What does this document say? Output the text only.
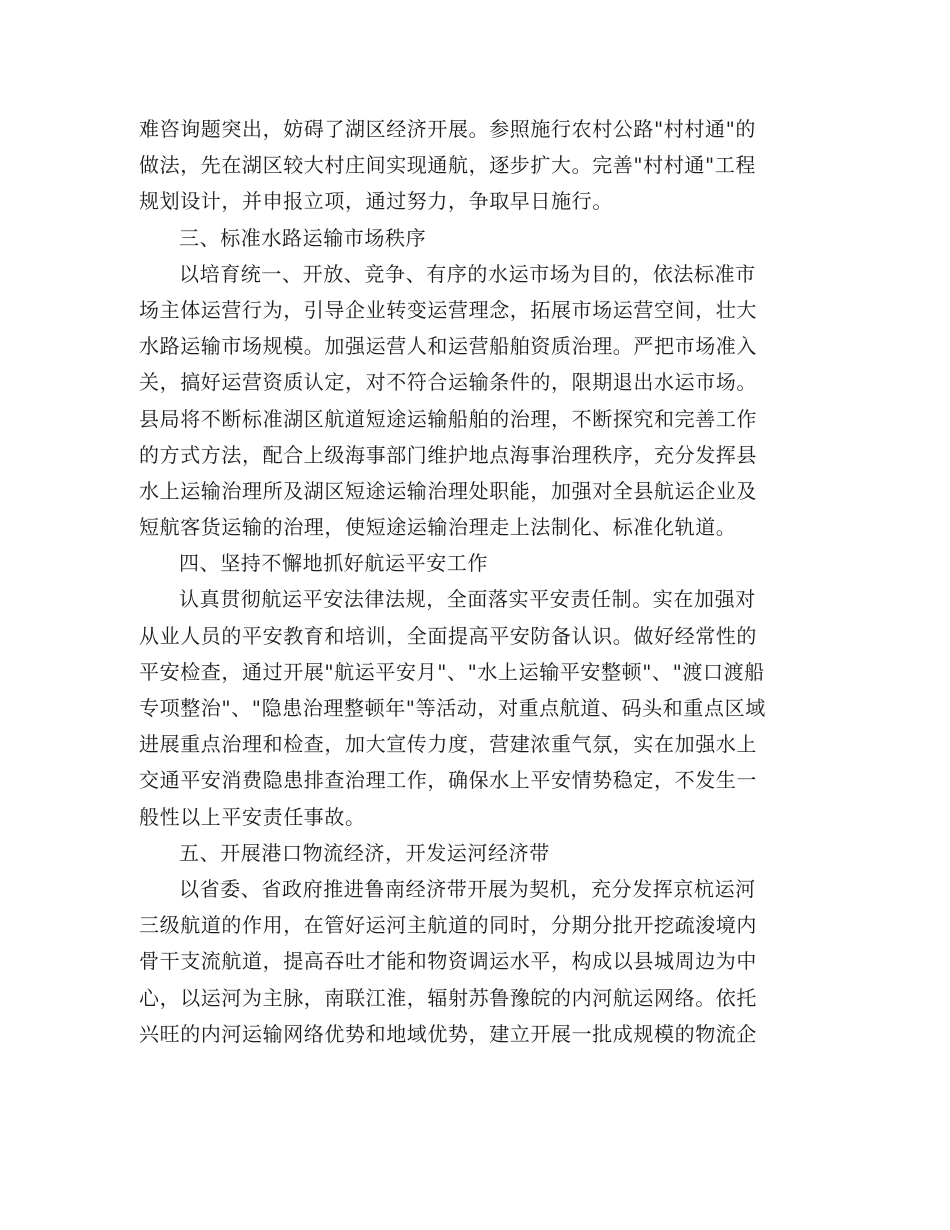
难咨询题突出，妨碍了湖区经济开展。参照施行农村公路"村村通"的
做法，先在湖区较大村庄间实现通航，逐步扩大。完善"村村通"工程
规划设计，并申报立项，通过努力，争取早日施行。
三、标准水路运输市场秩序
以培育统一、开放、竞争、有序的水运市场为目的，依法标准市
场主体运营行为，引导企业转变运营理念，拓展市场运营空间，壮大
水路运输市场规模。加强运营人和运营船舶资质治理。严把市场准入
关，搞好运营资质认定，对不符合运输条件的，限期退出水运市场。
县局将不断标准湖区航道短途运输船舶的治理，不断探究和完善工作
的方式方法，配合上级海事部门维护地点海事治理秩序，充分发挥县
水上运输治理所及湖区短途运输治理处职能，加强对全县航运企业及
短航客货运输的治理，使短途运输治理走上法制化、标准化轨道。
四、坚持不懈地抓好航运平安工作
认真贯彻航运平安法律法规，全面落实平安责任制。实在加强对
从业人员的平安教育和培训，全面提高平安防备认识。做好经常性的
平安检查，通过开展"航运平安月"、"水上运输平安整顿"、"渡口渡船
专项整治"、"隐患治理整顿年"等活动，对重点航道、码头和重点区域
进展重点治理和检查，加大宣传力度，营建浓重气氛，实在加强水上
交通平安消费隐患排查治理工作，确保水上平安情势稳定，不发生一
般性以上平安责任事故。
五、开展港口物流经济，开发运河经济带
以省委、省政府推进鲁南经济带开展为契机，充分发挥京杭运河
三级航道的作用，在管好运河主航道的同时，分期分批开挖疏浚境内
骨干支流航道，提高吞吐才能和物资调运水平，构成以县城周边为中
心，以运河为主脉，南联江淮，辐射苏鲁豫皖的内河航运网络。依托
兴旺的内河运输网络优势和地域优势，建立开展一批成规模的物流企
